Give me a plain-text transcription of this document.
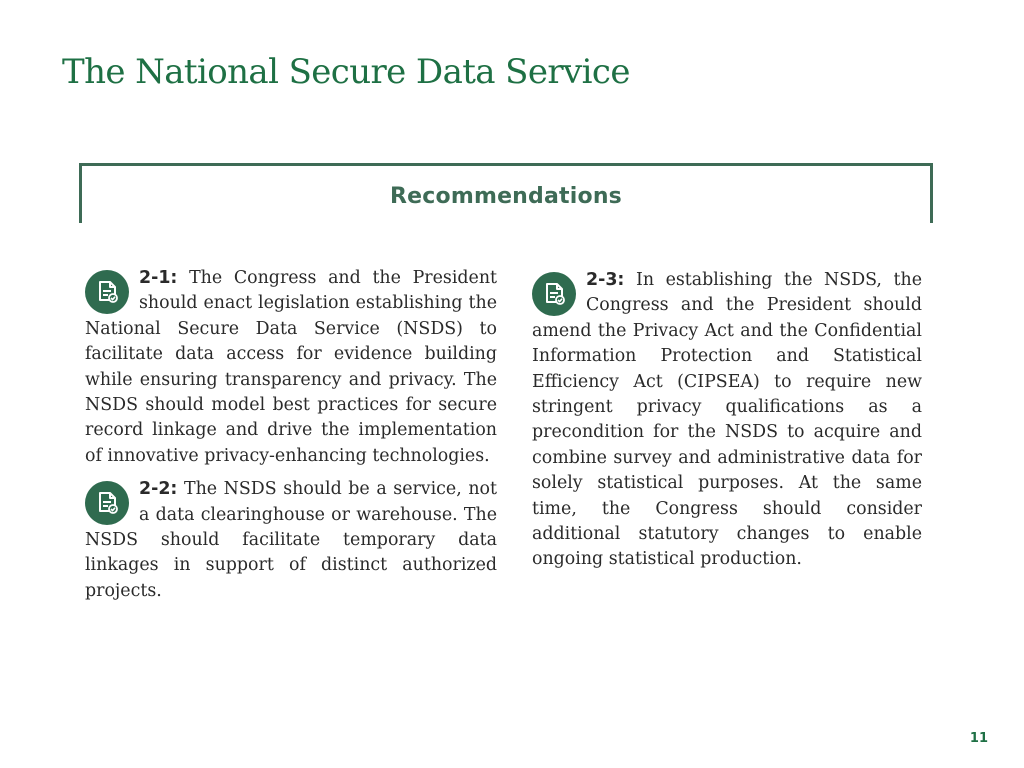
The National Secure Data Service
Recommendations
2-1: The Congress and the President should enact legislation establishing the National Secure Data Service (NSDS) to facilitate data access for evidence building while ensuring transparency and privacy. The NSDS should model best practices for secure record linkage and drive the implementation of innovative privacy-enhancing technologies.
2-2: The NSDS should be a service, not a data clearinghouse or warehouse. The NSDS should facilitate temporary data linkages in support of distinct authorized projects.
2-3: In establishing the NSDS, the Congress and the President should amend the Privacy Act and the Confidential Information Protection and Statistical Efficiency Act (CIPSEA) to require new stringent privacy qualifications as a precondition for the NSDS to acquire and combine survey and administrative data for solely statistical purposes. At the same time, the Congress should consider additional statutory changes to enable ongoing statistical production.
11
